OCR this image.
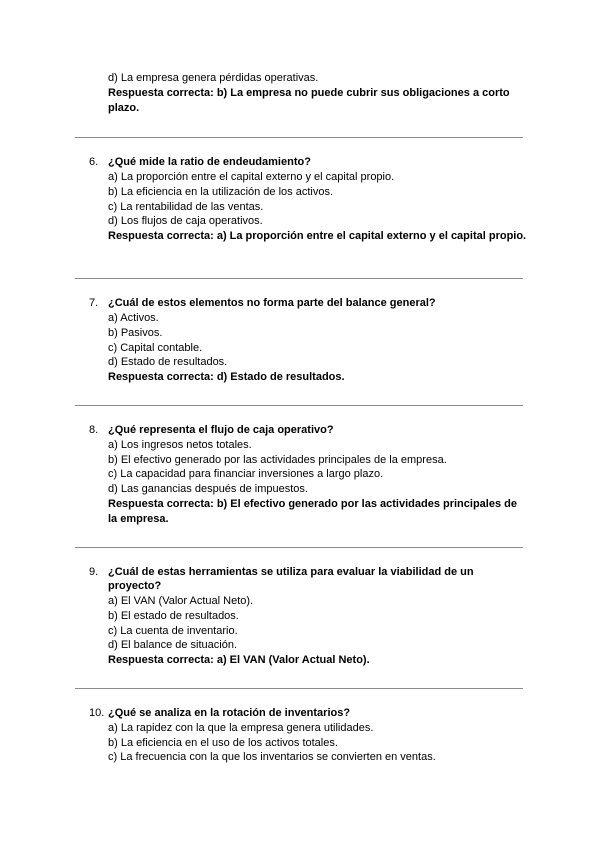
d) La empresa genera pérdidas operativas.
Respuesta correcta: b) La empresa no puede cubrir sus obligaciones a corto plazo.
6. ¿Qué mide la ratio de endeudamiento?
a) La proporción entre el capital externo y el capital propio.
b) La eficiencia en la utilización de los activos.
c) La rentabilidad de las ventas.
d) Los flujos de caja operativos.
Respuesta correcta: a) La proporción entre el capital externo y el capital propio.
7. ¿Cuál de estos elementos no forma parte del balance general?
a) Activos.
b) Pasivos.
c) Capital contable.
d) Estado de resultados.
Respuesta correcta: d) Estado de resultados.
8. ¿Qué representa el flujo de caja operativo?
a) Los ingresos netos totales.
b) El efectivo generado por las actividades principales de la empresa.
c) La capacidad para financiar inversiones a largo plazo.
d) Las ganancias después de impuestos.
Respuesta correcta: b) El efectivo generado por las actividades principales de la empresa.
9. ¿Cuál de estas herramientas se utiliza para evaluar la viabilidad de un
proyecto?
a) El VAN (Valor Actual Neto).
b) El estado de resultados.
c) La cuenta de inventario.
d) El balance de situación.
Respuesta correcta: a) El VAN (Valor Actual Neto).
10. ¿Qué se analiza en la rotación de inventarios?
a) La rapidez con la que la empresa genera utilidades.
b) La eficiencia en el uso de los activos totales.
c) La frecuencia con la que los inventarios se convierten en ventas.
